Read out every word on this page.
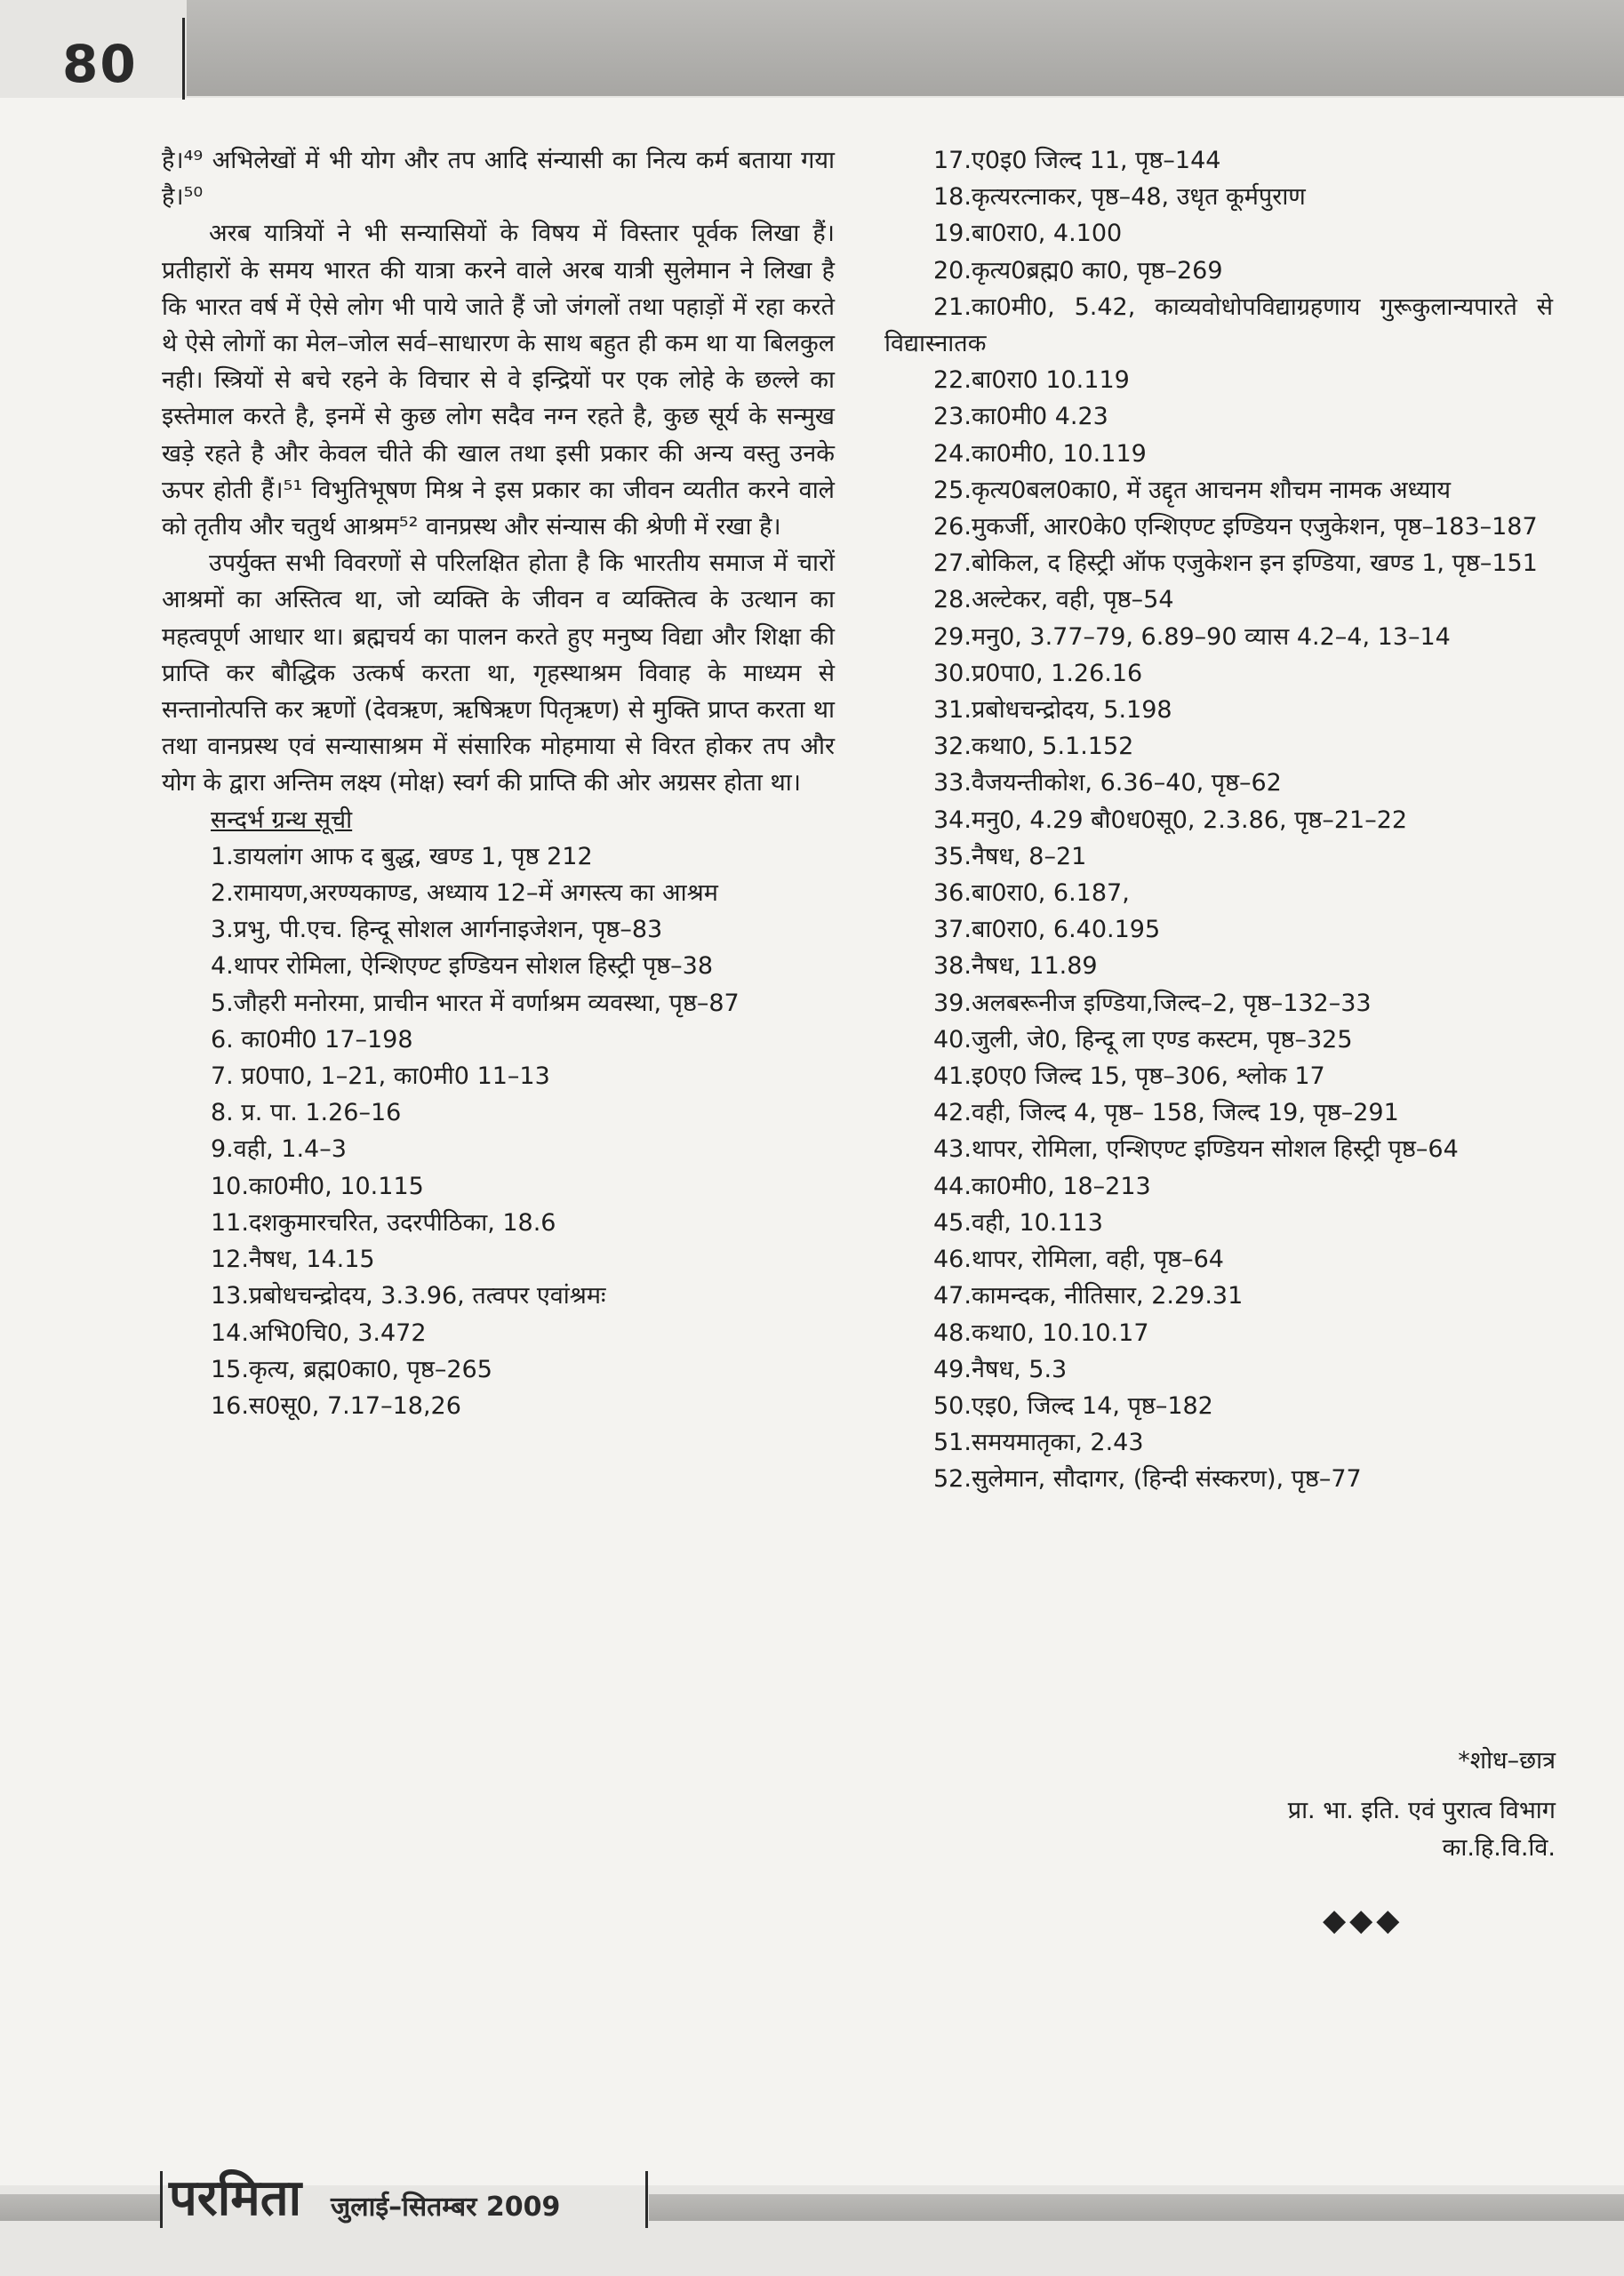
80

है।⁴⁹ अभिलेखों में भी योग और तप आदि संन्यासी का नित्य कर्म बताया गया है।⁵⁰

अरब यात्रियों ने भी सन्यासियों के विषय में विस्तार पूर्वक लिखा हैं। प्रतीहारों के समय भारत की यात्रा करने वाले अरब यात्री सुलेमान ने लिखा है कि भारत वर्ष में ऐसे लोग भी पाये जाते हैं जो जंगलों तथा पहाड़ों में रहा करते थे ऐसे लोगों का मेल–जोल सर्व–साधारण के साथ बहुत ही कम था या बिलकुल नही। स्त्रियों से बचे रहने के विचार से वे इन्द्रियों पर एक लोहे के छल्ले का इस्तेमाल करते है, इनमें से कुछ लोग सदैव नग्न रहते है, कुछ सूर्य के सन्मुख खड़े रहते है और केवल चीते की खाल तथा इसी प्रकार की अन्य वस्तु उनके ऊपर होती हैं।⁵¹ विभुतिभूषण मिश्र ने इस प्रकार का जीवन व्यतीत करने वाले को तृतीय और चतुर्थ आश्रम⁵² वानप्रस्थ और संन्यास की श्रेणी में रखा है।

उपर्युक्त सभी विवरणों से परिलक्षित होता है कि भारतीय समाज में चारों आश्रमों का अस्तित्व था, जो व्यक्ति के जीवन व व्यक्तित्व के उत्थान का महत्वपूर्ण आधार था। ब्रह्मचर्य का पालन करते हुए मनुष्य विद्या और शिक्षा की प्राप्ति कर बौद्धिक उत्कर्ष करता था, गृहस्थाश्रम विवाह के माध्यम से सन्तानोत्पत्ति कर ऋणों (देवऋण, ऋषिऋण पितृऋण) से मुक्ति प्राप्त करता था तथा वानप्रस्थ एवं सन्यासाश्रम में संसारिक मोहमाया से विरत होकर तप और योग के द्वारा अन्तिम लक्ष्य (मोक्ष) स्वर्ग की प्राप्ति की ओर अग्रसर होता था।

सन्दर्भ ग्रन्थ सूची

1.डायलांग आफ द बुद्ध, खण्ड 1, पृष्ठ 212

2.रामायण,अरण्यकाण्ड, अध्याय 12–में अगस्त्य का आश्रम

3.प्रभु, पी.एच. हिन्दू सोशल आर्गनाइजेशन, पृष्ठ–83

4.थापर रोमिला, ऐन्शिएण्ट इण्डियन सोशल हिस्ट्री पृष्ठ–38

5.जौहरी मनोरमा, प्राचीन भारत में वर्णाश्रम व्यवस्था, पृष्ठ–87

6. का0मी0 17–198

7. प्र0पा0, 1–21, का0मी0 11–13

8. प्र. पा. 1.26–16

9.वही, 1.4–3

10.का0मी0, 10.115

11.दशकुमारचरित, उदरपीठिका, 18.6

12.नैषध, 14.15

13.प्रबोधचन्द्रोदय, 3.3.96, तत्वपर एवांश्रमः

14.अभि0चि0, 3.472

15.कृत्य, ब्रह्म0का0, पृष्ठ–265

16.स0सू0, 7.17–18,26

17.ए0इ0 जिल्द 11, पृष्ठ–144

18.कृत्यरत्नाकर, पृष्ठ–48, उधृत कूर्मपुराण

19.बा0रा0, 4.100

20.कृत्य0ब्रह्म0 का0, पृष्ठ–269

21.का0मी0, 5.42, काव्यवोधोपविद्याग्रहणाय गुरूकुलान्यपारते से विद्यास्नातक

22.बा0रा0 10.119

23.का0मी0 4.23

24.का0मी0, 10.119

25.कृत्य0बल0का0, में उद्दृत आचनम शौचम नामक अध्याय

26.मुकर्जी, आर0के0 एन्शिएण्ट इण्डियन एजुकेशन, पृष्ठ–183–187

27.बोकिल, द हिस्ट्री ऑफ एजुकेशन इन इण्डिया, खण्ड 1, पृष्ठ–151

28.अल्टेकर, वही, पृष्ठ–54

29.मनु0, 3.77–79, 6.89–90 व्यास 4.2–4, 13–14

30.प्र0पा0, 1.26.16

31.प्रबोधचन्द्रोदय, 5.198

32.कथा0, 5.1.152

33.वैजयन्तीकोश, 6.36–40, पृष्ठ–62

34.मनु0, 4.29 बौ0ध0सू0, 2.3.86, पृष्ठ–21–22

35.नैषध, 8–21

36.बा0रा0, 6.187,

37.बा0रा0, 6.40.195

38.नैषध, 11.89

39.अलबरूनीज इण्डिया,जिल्द–2, पृष्ठ–132–33

40.जुली, जे0, हिन्दू ला एण्ड कस्टम, पृष्ठ–325

41.इ0ए0 जिल्द 15, पृष्ठ–306, श्लोक 17

42.वही, जिल्द 4, पृष्ठ– 158, जिल्द 19, पृष्ठ–291

43.थापर, रोमिला, एन्शिएण्ट इण्डियन सोशल हिस्ट्री पृष्ठ–64

44.का0मी0, 18–213

45.वही, 10.113

46.थापर, रोमिला, वही, पृष्ठ–64

47.कामन्दक, नीतिसार, 2.29.31

48.कथा0, 10.10.17

49.नैषध, 5.3

50.एइ0, जिल्द 14, पृष्ठ–182

51.समयमातृका, 2.43

52.सुलेमान, सौदागर, (हिन्दी संस्करण), पृष्ठ–77

*शोध–छात्र
प्रा. भा. इति. एवं पुरात्व विभाग
का.हि.वि.वि.
◆◆◆
परमिता जुलाई–सितम्बर 2009
